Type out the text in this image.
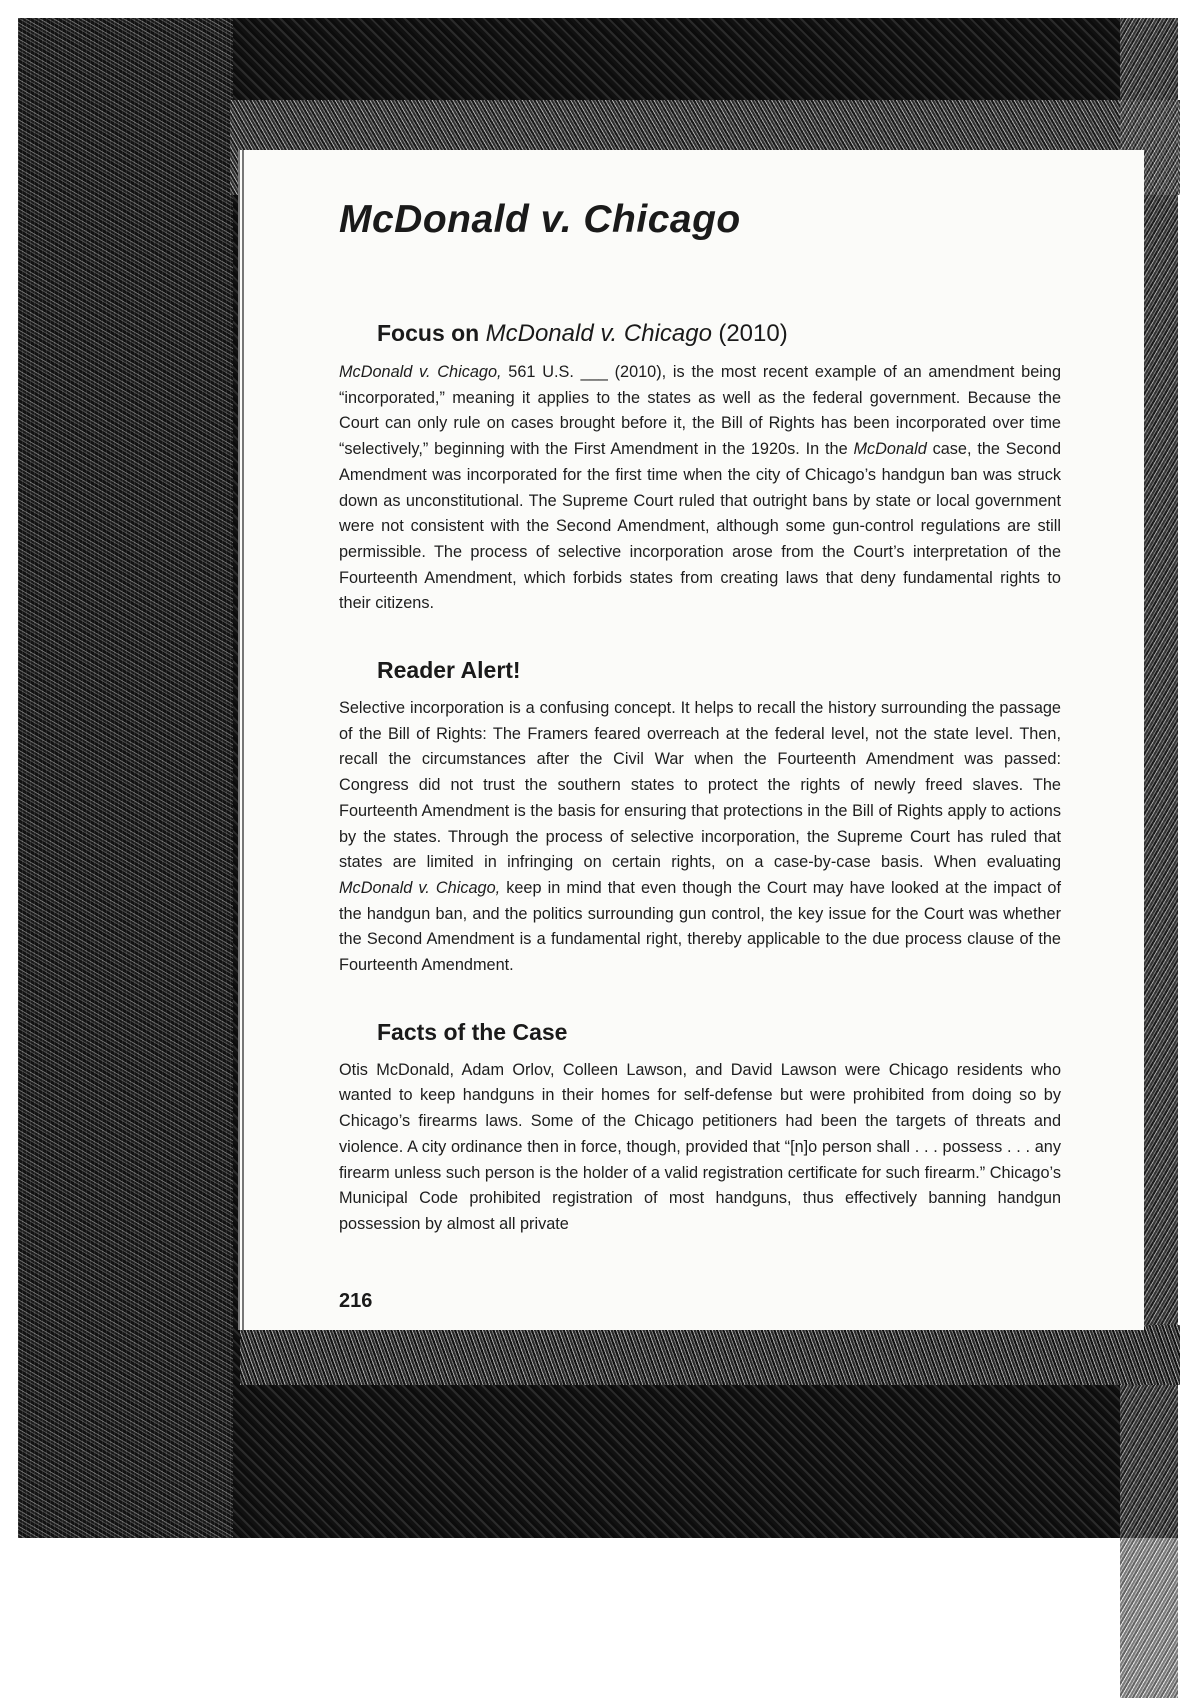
McDonald v. Chicago
Focus on McDonald v. Chicago (2010)

McDonald v. Chicago, 561 U.S. ___ (2010), is the most recent example of an amendment being “incorporated,” meaning it applies to the states as well as the federal government. Because the Court can only rule on cases brought before it, the Bill of Rights has been incorporated over time “selectively,” beginning with the First Amendment in the 1920s. In the McDonald case, the Second Amendment was incorporated for the first time when the city of Chicago’s handgun ban was struck down as unconstitutional. The Supreme Court ruled that outright bans by state or local government were not consistent with the Second Amendment, although some gun-control regulations are still permissible. The process of selective incorporation arose from the Court’s interpretation of the Fourteenth Amendment, which forbids states from creating laws that deny fundamental rights to their citizens.

Reader Alert!

Selective incorporation is a confusing concept. It helps to recall the history surrounding the passage of the Bill of Rights: The Framers feared overreach at the federal level, not the state level. Then, recall the circumstances after the Civil War when the Fourteenth Amendment was passed: Congress did not trust the southern states to protect the rights of newly freed slaves. The Fourteenth Amendment is the basis for ensuring that protections in the Bill of Rights apply to actions by the states. Through the process of selective incorporation, the Supreme Court has ruled that states are limited in infringing on certain rights, on a case-by-case basis. When evaluating McDonald v. Chicago, keep in mind that even though the Court may have looked at the impact of the handgun ban, and the politics surrounding gun control, the key issue for the Court was whether the Second Amendment is a fundamental right, thereby applicable to the due process clause of the Fourteenth Amendment.

Facts of the Case

Otis McDonald, Adam Orlov, Colleen Lawson, and David Lawson were Chicago residents who wanted to keep handguns in their homes for self-defense but were prohibited from doing so by Chicago’s firearms laws. Some of the Chicago petitioners had been the targets of threats and violence. A city ordinance then in force, though, provided that “[n]o person shall . . . possess . . . any firearm unless such person is the holder of a valid registration certificate for such firearm.” Chicago’s Municipal Code prohibited registration of most handguns, thus effectively banning handgun possession by almost all private

216
